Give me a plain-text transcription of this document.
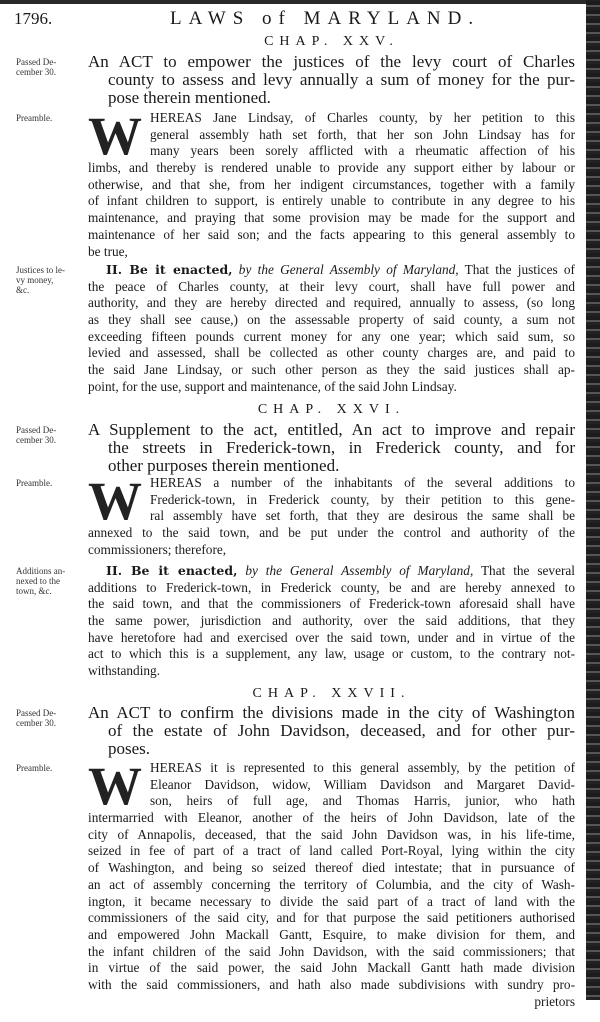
1796.	LAWS of MARYLAND.
CHAP. XXV.
Passed De-
cember 30.
An ACT to empower the justices of the levy court of Charles
county to assess and levy annually a sum of money for the pur-
pose therein mentioned.
Preamble. W HEREAS Jane Lindsay, of Charles county, by her petition to this
general assembly hath set forth, that her son John Lindsay has for
many years been sorely afflicted with a rheumatic affection of his
limbs, and thereby is rendered unable to provide any support either by labour or
otherwise, and that she, from her indigent circumstances, together with a family
of infant children to support, is entirely unable to contribute in any degree to his
maintenance, and praying that some provision may be made for the support and
maintenance of her said son; and the facts appearing to this general assembly to
be true,
Justices to le-
vy money,
&c.
II. Be it enacted, by the General Assembly of Maryland, That the justices of
the peace of Charles county, at their levy court, shall have full power and
authority, and they are hereby directed and required, annually to assess, (so long
as they shall see cause,) on the assessable property of said county, a sum not
exceeding fifteen pounds current money for any one year; which said sum, so
levied and assessed, shall be collected as other county charges are, and paid to
the said Jane Lindsay, or such other person as they the said justices shall ap-
point, for the use, support and maintenance, of the said John Lindsay.
CHAP. XXVI.
Passed De-
cember 30.
A Supplement to the act, entitled, An act to improve and repair
the streets in Frederick-town, in Frederick county, and for
other purposes therein mentioned.
Preamble. W HEREAS a number of the inhabitants of the several additions to
Frederick-town, in Frederick county, by their petition to this gene-
ral assembly have set forth, that they are desirous the same shall be
annexed to the said town, and be put under the control and authority of the
commissioners; therefore,
Additions an-
nexed to the
town, &c.
II. Be it enacted, by the General Assembly of Maryland, That the several
additions to Frederick-town, in Frederick county, be and are hereby annexed to
the said town, and that the commissioners of Frederick-town aforesaid shall have
the same power, jurisdiction and authority, over the said additions, that they
have heretofore had and exercised over the said town, under and in virtue of the
act to which this is a supplement, any law, usage or custom, to the contrary not-
withstanding.
CHAP. XXVII.
Passed De-
cember 30.
An ACT to confirm the divisions made in the city of Washington
of the estate of John Davidson, deceased, and for other pur-
poses.
Preamble. W HEREAS it is represented to this general assembly, by the petition of
Eleanor Davidson, widow, William Davidson and Margaret David-
son, heirs of full age, and Thomas Harris, junior, who hath
intermarried with Eleanor, another of the heirs of John Davidson, late of the
city of Annapolis, deceased, that the said John Davidson was, in his life-time,
seized in fee of part of a tract of land called Port-Royal, lying within the city
of Washington, and being so seized thereof died intestate; that in pursuance of
an act of assembly concerning the territory of Columbia, and the city of Wash-
ington, it became necessary to divide the said part of a tract of land with the
commissioners of the said city, and for that purpose the said petitioners authorised
and empowered John Mackall Gantt, Esquire, to make division for them, and
the infant children of the said John Davidson, with the said commissioners; that
in virtue of the said power, the said John Mackall Gantt hath made division
with the said commissioners, and hath also made subdivisions with sundry pro-
prietors
